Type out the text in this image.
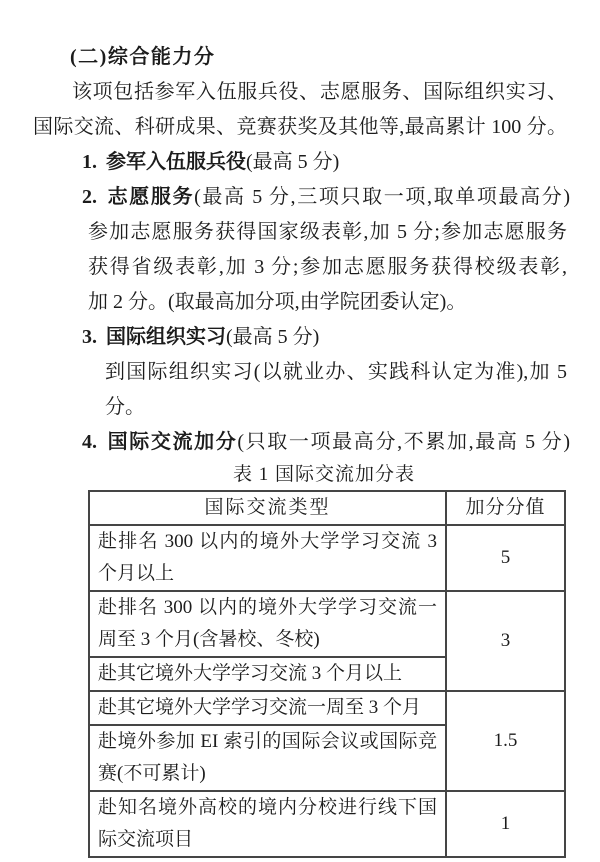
(二)综合能力分
该项包括参军入伍服兵役、志愿服务、国际组织实习、
国际交流、科研成果、竞赛获奖及其他等,最高累计 100 分。
1. 参军入伍服兵役(最高 5 分)
2. 志愿服务(最高 5 分,三项只取一项,取单项最高分)
参加志愿服务获得国家级表彰,加 5 分;参加志愿服务
获得省级表彰,加 3 分;参加志愿服务获得校级表彰,
加 2 分。(取最高加分项,由学院团委认定)。
3. 国际组织实习(最高 5 分)
到国际组织实习(以就业办、实践科认定为准),加 5
分。
4. 国际交流加分(只取一项最高分,不累加,最高 5 分)
表 1 国际交流加分表
国际交流类型	加分分值
赴排名 300 以内的境外大学学习交流 3 个月以上	5
赴排名 300 以内的境外大学学习交流一周至 3 个月(含暑校、冬校)	3
赴其它境外大学学习交流 3 个月以上	
赴其它境外大学学习交流一周至 3 个月	1.5
赴境外参加 EI 索引的国际会议或国际竞赛(不可累计)	
赴知名境外高校的境内分校进行线下国际交流项目	1
